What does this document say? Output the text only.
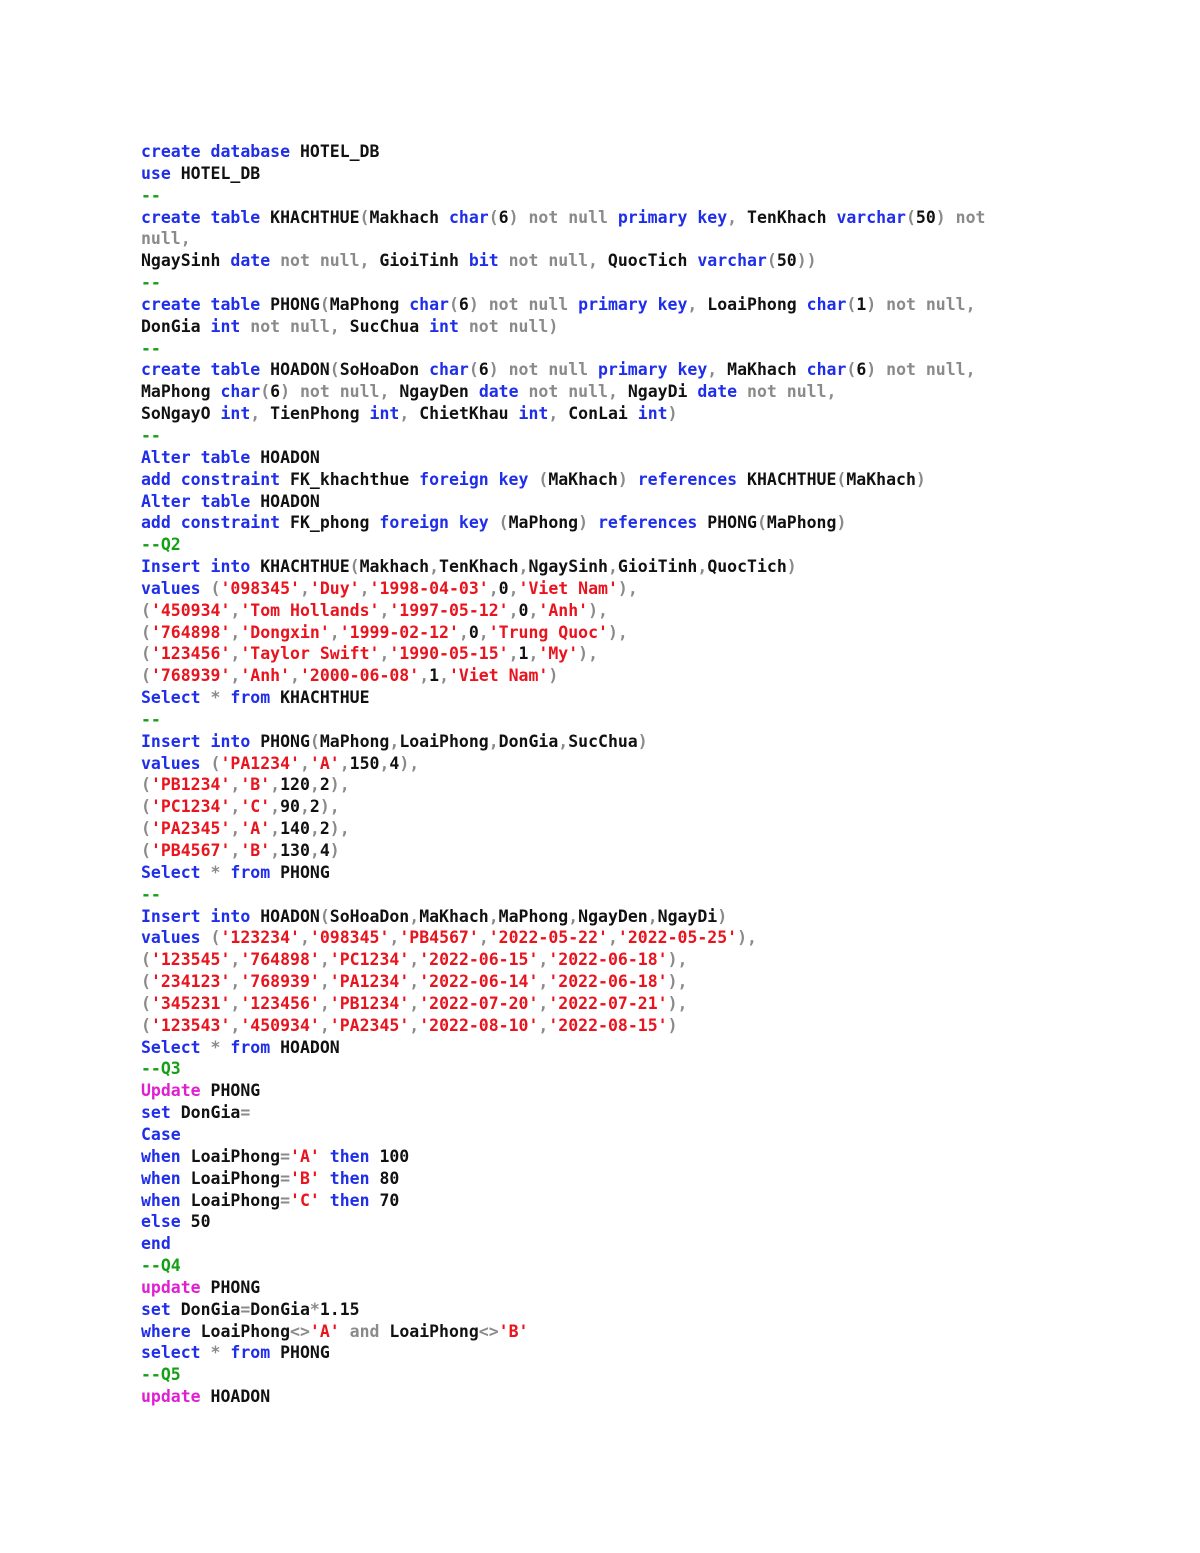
create database HOTEL_DB
use HOTEL_DB
--
create table KHACHTHUE(Makhach char(6) not null primary key, TenKhach varchar(50) not
null,
NgaySinh date not null, GioiTinh bit not null, QuocTich varchar(50))
--
create table PHONG(MaPhong char(6) not null primary key, LoaiPhong char(1) not null,
DonGia int not null, SucChua int not null)
--
create table HOADON(SoHoaDon char(6) not null primary key, MaKhach char(6) not null,
MaPhong char(6) not null, NgayDen date not null, NgayDi date not null,
SoNgayO int, TienPhong int, ChietKhau int, ConLai int)
--
Alter table HOADON
add constraint FK_khachthue foreign key (MaKhach) references KHACHTHUE(MaKhach)
Alter table HOADON
add constraint FK_phong foreign key (MaPhong) references PHONG(MaPhong)
--Q2
Insert into KHACHTHUE(Makhach,TenKhach,NgaySinh,GioiTinh,QuocTich)
values ('098345','Duy','1998-04-03',0,'Viet Nam'),
('450934','Tom Hollands','1997-05-12',0,'Anh'),
('764898','Dongxin','1999-02-12',0,'Trung Quoc'),
('123456','Taylor Swift','1990-05-15',1,'My'),
('768939','Anh','2000-06-08',1,'Viet Nam')
Select * from KHACHTHUE
--
Insert into PHONG(MaPhong,LoaiPhong,DonGia,SucChua)
values ('PA1234','A',150,4),
('PB1234','B',120,2),
('PC1234','C',90,2),
('PA2345','A',140,2),
('PB4567','B',130,4)
Select * from PHONG
--
Insert into HOADON(SoHoaDon,MaKhach,MaPhong,NgayDen,NgayDi)
values ('123234','098345','PB4567','2022-05-22','2022-05-25'),
('123545','764898','PC1234','2022-06-15','2022-06-18'),
('234123','768939','PA1234','2022-06-14','2022-06-18'),
('345231','123456','PB1234','2022-07-20','2022-07-21'),
('123543','450934','PA2345','2022-08-10','2022-08-15')
Select * from HOADON
--Q3
Update PHONG
set DonGia=
Case
when LoaiPhong='A' then 100
when LoaiPhong='B' then 80
when LoaiPhong='C' then 70
else 50
end
--Q4
update PHONG
set DonGia=DonGia*1.15
where LoaiPhong<>'A' and LoaiPhong<>'B'
select * from PHONG
--Q5
update HOADON
